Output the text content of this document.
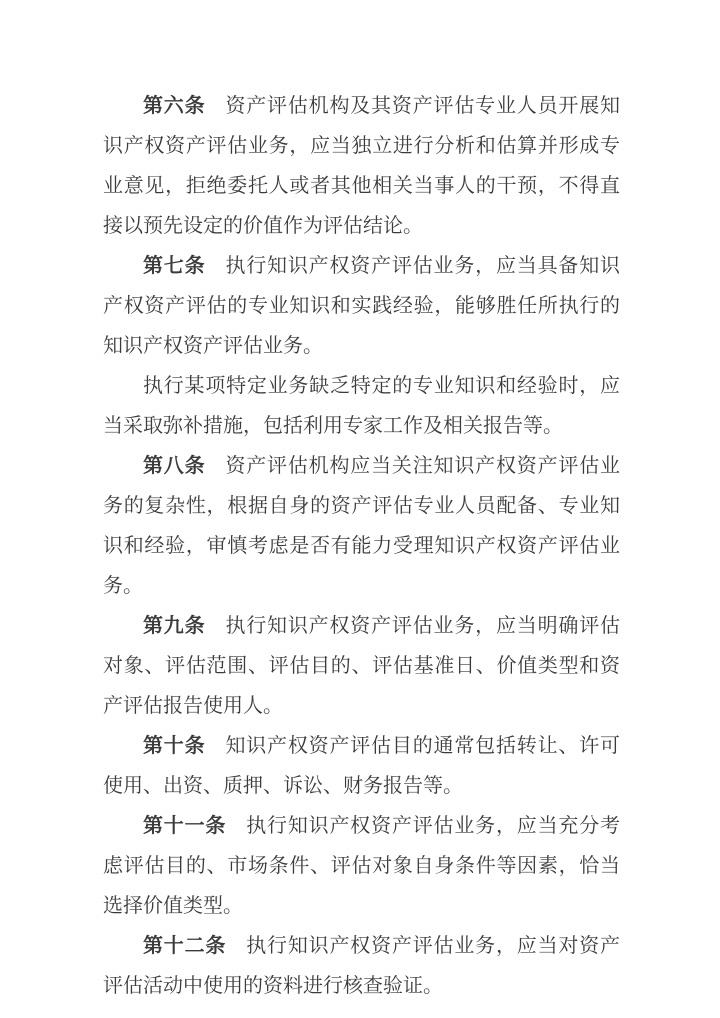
第六条 资产评估机构及其资产评估专业人员开展知识产权资产评估业务，应当独立进行分析和估算并形成专业意见，拒绝委托人或者其他相关当事人的干预，不得直接以预先设定的价值作为评估结论。

第七条 执行知识产权资产评估业务，应当具备知识产权资产评估的专业知识和实践经验，能够胜任所执行的知识产权资产评估业务。

执行某项特定业务缺乏特定的专业知识和经验时，应当采取弥补措施，包括利用专家工作及相关报告等。

第八条 资产评估机构应当关注知识产权资产评估业务的复杂性，根据自身的资产评估专业人员配备、专业知识和经验，审慎考虑是否有能力受理知识产权资产评估业务。

第九条 执行知识产权资产评估业务，应当明确评估对象、评估范围、评估目的、评估基准日、价值类型和资产评估报告使用人。

第十条 知识产权资产评估目的通常包括转让、许可使用、出资、质押、诉讼、财务报告等。

第十一条 执行知识产权资产评估业务，应当充分考虑评估目的、市场条件、评估对象自身条件等因素，恰当选择价值类型。

第十二条 执行知识产权资产评估业务，应当对资产评估活动中使用的资料进行核查验证。
